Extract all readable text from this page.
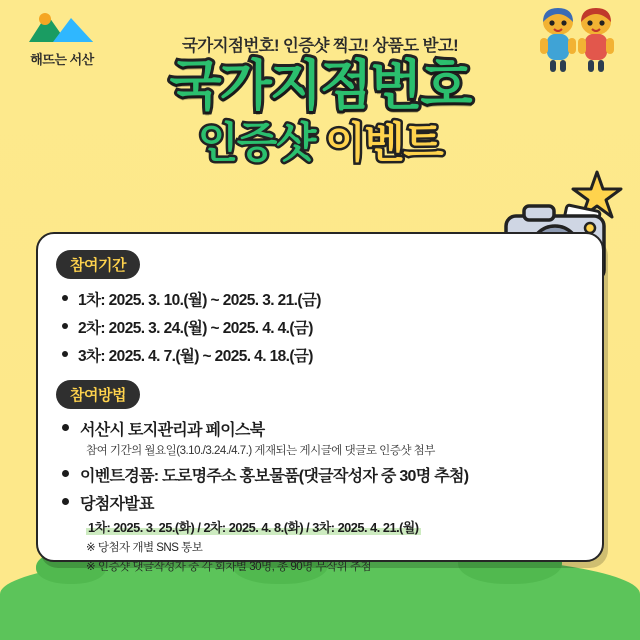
해뜨는 서산
국가지점번호! 인증샷 찍고! 상품도 받고!
국가지점번호
인증샷 이벤트
참여기간
1차: 2025. 3. 10.(월) ~ 2025. 3. 21.(금)
2차: 2025. 3. 24.(월) ~ 2025. 4. 4.(금)
3차: 2025. 4. 7.(월) ~ 2025. 4. 18.(금)
참여방법
서산시 토지관리과 페이스북
참여 기간의 월요일(3.10./3.24./4.7.) 게재되는 게시글에 댓글로 인증샷 첨부
이벤트경품: 도로명주소 홍보물품(댓글작성자 중 30명 추첨)
당첨자발표
1차: 2025. 3. 25.(화) / 2차: 2025. 4. 8.(화) / 3차: 2025. 4. 21.(월)
※ 당첨자 개별 SNS 통보
※ 인증샷 댓글작성자 중 각 회차별 30명, 총 90명 무작위 추첨
